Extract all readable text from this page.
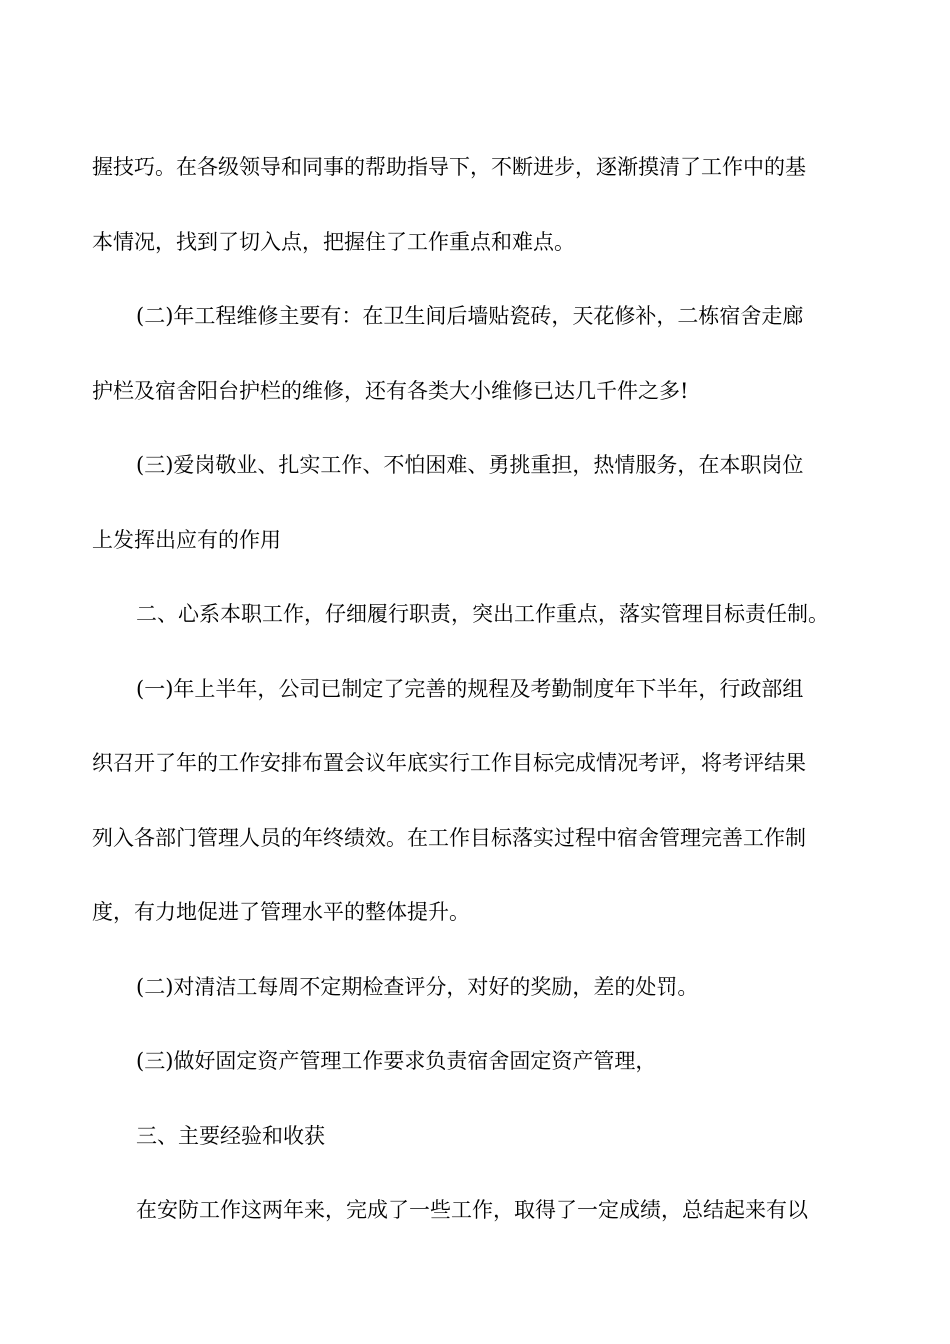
握技巧。在各级领导和同事的帮助指导下，不断进步，逐渐摸清了工作中的基
本情况，找到了切入点，把握住了工作重点和难点。
(二)年工程维修主要有：在卫生间后墙贴瓷砖，天花修补，二栋宿舍走廊
护栏及宿舍阳台护栏的维修，还有各类大小维修已达几千件之多!
(三)爱岗敬业、扎实工作、不怕困难、勇挑重担，热情服务，在本职岗位
上发挥出应有的作用
二、心系本职工作，仔细履行职责，突出工作重点，落实管理目标责任制。
(一)年上半年，公司已制定了完善的规程及考勤制度年下半年，行政部组
织召开了年的工作安排布置会议年底实行工作目标完成情况考评，将考评结果
列入各部门管理人员的年终绩效。在工作目标落实过程中宿舍管理完善工作制
度，有力地促进了管理水平的整体提升。
(二)对清洁工每周不定期检查评分，对好的奖励，差的处罚。
(三)做好固定资产管理工作要求负责宿舍固定资产管理，
三、主要经验和收获
在安防工作这两年来，完成了一些工作，取得了一定成绩，总结起来有以
